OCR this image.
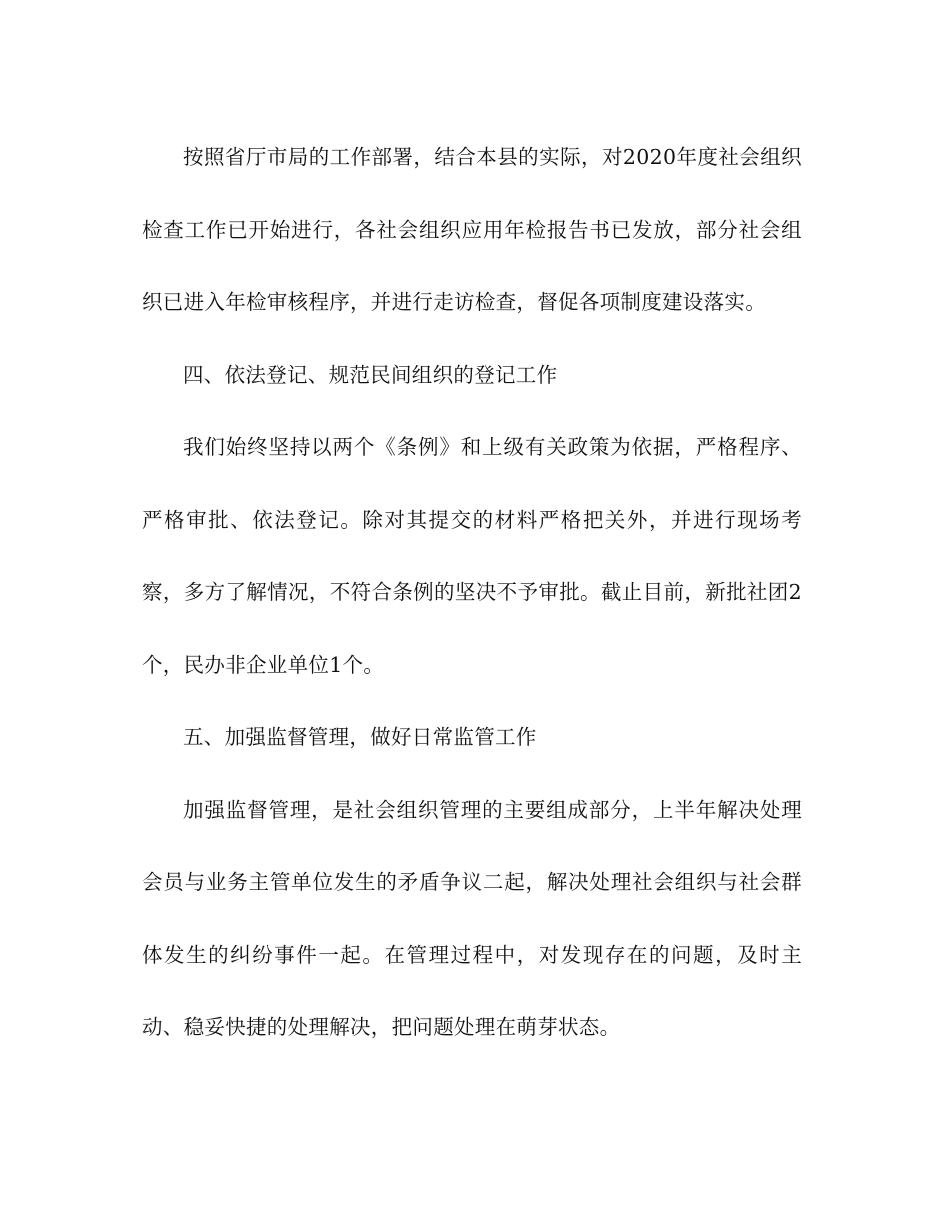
按照省厅市局的工作部署，结合本县的实际，对2020年度社会组织检查工作已开始进行，各社会组织应用年检报告书已发放，部分社会组织已进入年检审核程序，并进行走访检查，督促各项制度建设落实。

四、依法登记、规范民间组织的登记工作

我们始终坚持以两个《条例》和上级有关政策为依据，严格程序、严格审批、依法登记。除对其提交的材料严格把关外，并进行现场考察，多方了解情况，不符合条例的坚决不予审批。截止目前，新批社团2个，民办非企业单位1个。

五、加强监督管理，做好日常监管工作

加强监督管理，是社会组织管理的主要组成部分，上半年解决处理会员与业务主管单位发生的矛盾争议二起，解决处理社会组织与社会群体发生的纠纷事件一起。在管理过程中，对发现存在的问题，及时主动、稳妥快捷的处理解决，把问题处理在萌芽状态。
